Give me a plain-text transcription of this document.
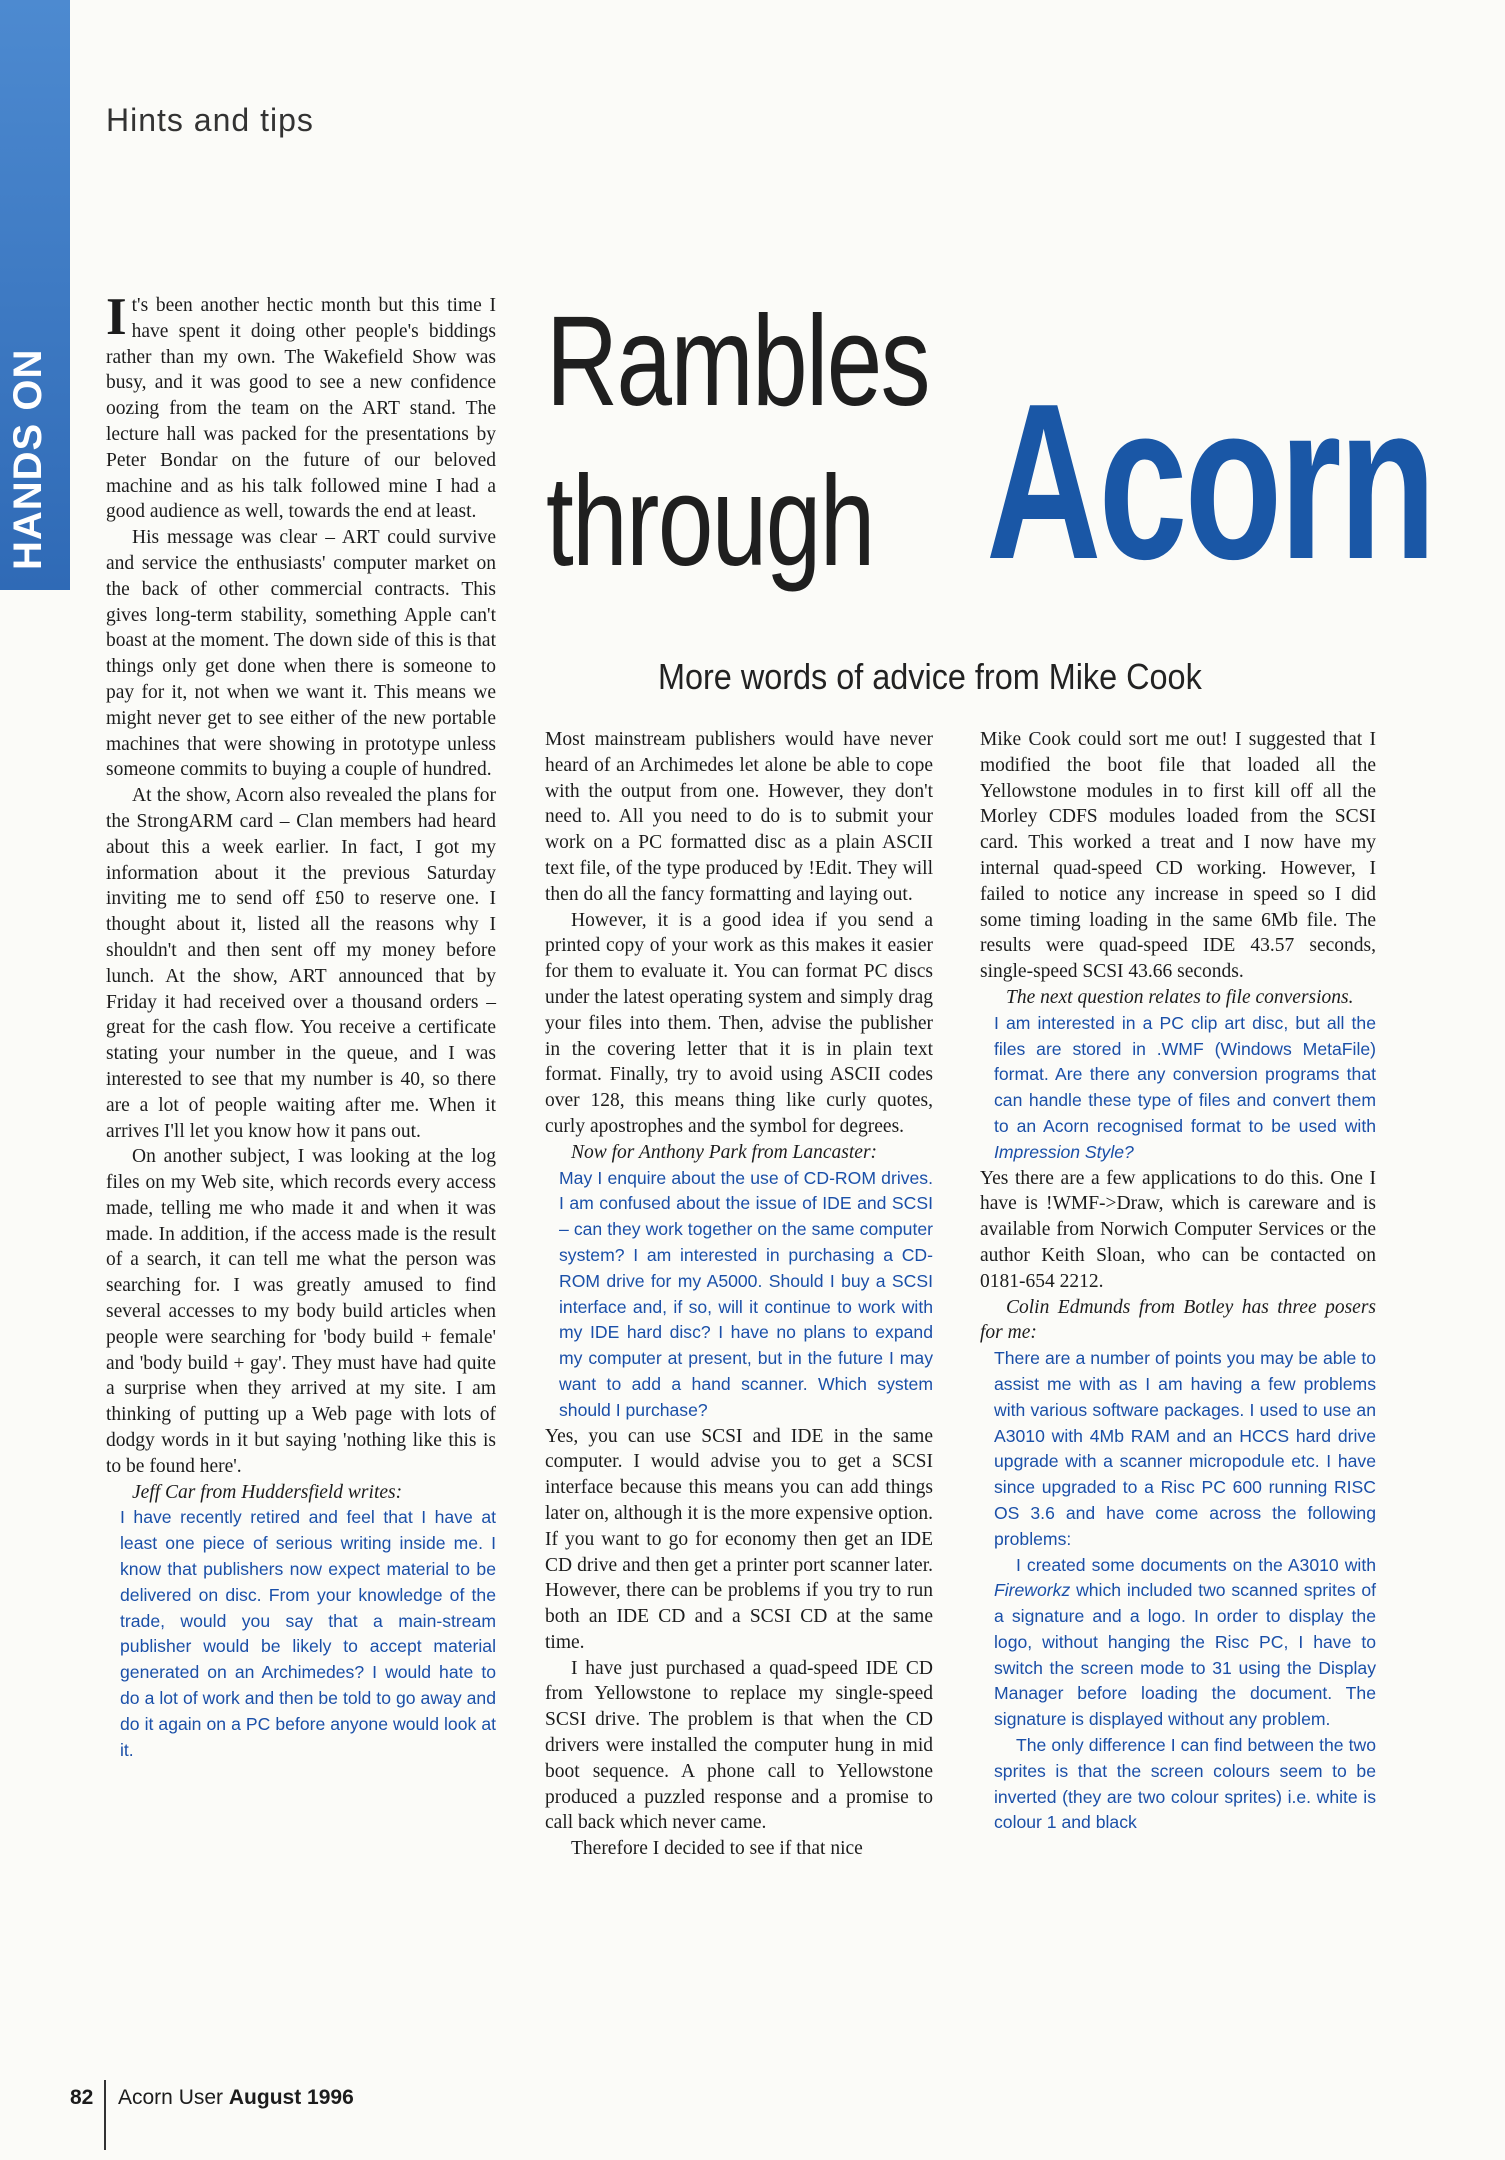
HANDS ON
Hints and tips
Rambles
through Acorn
More words of advice from Mike Cook

It's been another hectic month but this time I have spent it doing other people's biddings rather than my own. The Wakefield Show was busy, and it was good to see a new confidence oozing from the team on the ART stand. The lecture hall was packed for the presentations by Peter Bondar on the future of our beloved machine and as his talk followed mine I had a good audience as well, towards the end at least.

His message was clear – ART could survive and service the enthusiasts' computer market on the back of other commercial contracts. This gives long-term stability, something Apple can't boast at the moment. The down side of this is that things only get done when there is someone to pay for it, not when we want it. This means we might never get to see either of the new portable machines that were showing in prototype unless someone commits to buying a couple of hundred.

At the show, Acorn also revealed the plans for the StrongARM card – Clan members had heard about this a week earlier. In fact, I got my information about it the previous Saturday inviting me to send off £50 to reserve one. I thought about it, listed all the reasons why I shouldn't and then sent off my money before lunch. At the show, ART announced that by Friday it had received over a thousand orders – great for the cash flow. You receive a certificate stating your number in the queue, and I was interested to see that my number is 40, so there are a lot of people waiting after me. When it arrives I'll let you know how it pans out.

On another subject, I was looking at the log files on my Web site, which records every access made, telling me who made it and when it was made. In addition, if the access made is the result of a search, it can tell me what the person was searching for. I was greatly amused to find several accesses to my body build articles when people were searching for 'body build + female' and 'body build + gay'. They must have had quite a surprise when they arrived at my site. I am thinking of putting up a Web page with lots of dodgy words in it but saying 'nothing like this is to be found here'.

Jeff Car from Huddersfield writes:

I have recently retired and feel that I have at least one piece of serious writing inside me. I know that publishers now expect material to be delivered on disc. From your knowledge of the trade, would you say that a main-stream publisher would be likely to accept material generated on an Archimedes? I would hate to do a lot of work and then be told to go away and do it again on a PC before anyone would look at it.

Most mainstream publishers would have never heard of an Archimedes let alone be able to cope with the output from one. However, they don't need to. All you need to do is to submit your work on a PC formatted disc as a plain ASCII text file, of the type produced by !Edit. They will then do all the fancy formatting and laying out.

However, it is a good idea if you send a printed copy of your work as this makes it easier for them to evaluate it. You can format PC discs under the latest operating system and simply drag your files into them. Then, advise the publisher in the covering letter that it is in plain text format. Finally, try to avoid using ASCII codes over 128, this means thing like curly quotes, curly apostrophes and the symbol for degrees.

Now for Anthony Park from Lancaster:

May I enquire about the use of CD-ROM drives. I am confused about the issue of IDE and SCSI – can they work together on the same computer system? I am interested in purchasing a CD-ROM drive for my A5000. Should I buy a SCSI interface and, if so, will it continue to work with my IDE hard disc? I have no plans to expand my computer at present, but in the future I may want to add a hand scanner. Which system should I purchase?

Yes, you can use SCSI and IDE in the same computer. I would advise you to get a SCSI interface because this means you can add things later on, although it is the more expensive option. If you want to go for economy then get an IDE CD drive and then get a printer port scanner later. However, there can be problems if you try to run both an IDE CD and a SCSI CD at the same time.

I have just purchased a quad-speed IDE CD from Yellowstone to replace my single-speed SCSI drive. The problem is that when the CD drivers were installed the computer hung in mid boot sequence. A phone call to Yellowstone produced a puzzled response and a promise to call back which never came.

Therefore I decided to see if that nice

Mike Cook could sort me out! I suggested that I modified the boot file that loaded all the Yellowstone modules in to first kill off all the Morley CDFS modules loaded from the SCSI card. This worked a treat and I now have my internal quad-speed CD working. However, I failed to notice any increase in speed so I did some timing loading in the same 6Mb file. The results were quad-speed IDE 43.57 seconds, single-speed SCSI 43.66 seconds.

The next question relates to file conversions.

I am interested in a PC clip art disc, but all the files are stored in .WMF (Windows MetaFile) format. Are there any conversion programs that can handle these type of files and convert them to an Acorn recognised format to be used with Impression Style?

Yes there are a few applications to do this. One I have is !WMF->Draw, which is careware and is available from Norwich Computer Services or the author Keith Sloan, who can be contacted on 0181-654 2212.

Colin Edmunds from Botley has three posers for me:

There are a number of points you may be able to assist me with as I am having a few problems with various software packages. I used to use an A3010 with 4Mb RAM and an HCCS hard drive upgrade with a scanner micropodule etc. I have since upgraded to a Risc PC 600 running RISC OS 3.6 and have come across the following problems:

I created some documents on the A3010 with Fireworkz which included two scanned sprites of a signature and a logo. In order to display the logo, without hanging the Risc PC, I have to switch the screen mode to 31 using the Display Manager before loading the document. The signature is displayed without any problem.

The only difference I can find between the two sprites is that the screen colours seem to be inverted (they are two colour sprites) i.e. white is colour 1 and black

82 Acorn User August 1996
